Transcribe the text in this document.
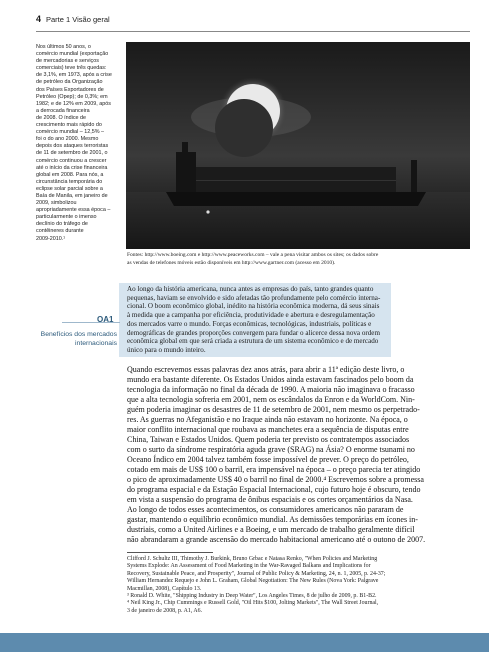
4 Parte 1 Visão geral
Nos últimos 50 anos, o
comércio mundial (exportação
de mercadorias e serviços
comerciais) teve três quedas:
de 3,1%, em 1973, após a crise
de petróleo da Organização
dos Países Exportadores de
Petróleo (Opep); de 0,3%; em
1982; e de 12% em 2009, após
a derrocada financeira
de 2008. O índice de
crescimento mais rápido do
comércio mundial – 12,5% –
foi o do ano 2000. Mesmo
depois dos ataques terroristas
de 11 de setembro de 2001, o
comércio continuou a crescer
até o início da crise financeira
global em 2008. Para nós, a
circunstância temporária do
eclipse solar parcial sobre a
Baía de Manila, em janeiro de
2009, simbolizou
apropriadamente essa época –
particularmente o imenso
declínio do tráfego de
contêineres durante
2009-2010.¹
Fontes: http://www.boeing.com e http://www.peaceworks.com – vale a pena visitar ambos os sites; os dados sobre
as vendas de telefones móveis estão disponíveis em http://www.gartner.com (acesso em 2010).
Ao longo da história americana, nunca antes as empresas do país, tanto grandes quanto
pequenas, haviam se envolvido e sido afetadas tão profundamente pelo comércio interna-
cional. O boom econômico global, inédito na história econômica moderna, dá seus sinais
à medida que a campanha por eficiência, produtividade e abertura e desregulamentação
dos mercados varre o mundo. Forças econômicas, tecnológicas, industriais, políticas e
demográficas de grandes proporções convergem para fundar o alicerce dessa nova ordem
econômica global em que será criada a estrutura de um sistema econômico e de mercado
único para o mundo inteiro.
OA1
Benefícios dos mercados
internacionais
Quando escrevemos essas palavras dez anos atrás, para abrir a 11ª edição deste livro, o
mundo era bastante diferente. Os Estados Unidos ainda estavam fascinados pelo boom da
tecnologia da informação no final da década de 1990. A maioria não imaginava o fracasso
que a alta tecnologia sofreria em 2001, nem os escândalos da Enron e da WorldCom. Nin-
guém poderia imaginar os desastres de 11 de setembro de 2001, nem mesmo os perpetrado-
res. As guerras no Afeganistão e no Iraque ainda não estavam no horizonte. Na época, o
maior conflito internacional que roubava as manchetes era a sequência de disputas entre
China, Taiwan e Estados Unidos. Quem poderia ter previsto os contratempos associados
com o surto da síndrome respiratória aguda grave (SRAG) na Ásia? O enorme tsunami no
Oceano Índico em 2004 talvez também fosse impossível de prever. O preço do petróleo,
cotado em mais de US$ 100 o barril, era impensável na época – o preço parecia ter atingido
o pico de aproximadamente US$ 40 o barril no final de 2000.⁴ Escrevemos sobre a promessa
do programa espacial e da Estação Espacial Internacional, cujo futuro hoje é obscuro, tendo
em vista a suspensão do programa de ônibus espaciais e os cortes orçamentários da Nasa.
Ao longo de todos esses acontecimentos, os consumidores americanos não pararam de
gastar, mantendo o equilíbrio econômico mundial. As demissões temporárias em ícones in-
dustriais, como a United Airlines e a Boeing, e um mercado de trabalho geralmente difícil
não abrandaram a grande ascensão do mercado habitacional americano até o outono de 2007.
Clifford J. Schultz III, Thimothy J. Burkink, Bruno Grbac e Natasa Renko, "When Policies and Marketing
Systems Explode: An Assessment of Food Marketing in the War-Ravaged Balkans and Implications for
Recovery, Sustainable Peace, and Prosperity", Journal of Public Policy & Marketing, 24, n. 1, 2005, p. 24-37;
William Hernandez Requejo e John L. Graham, Global Negotiation: The New Rules (Nova York: Palgrave
Macmillan, 2008), Capítulo 13.
³ Ronald D. White, "Shipping Industry in Deep Water", Los Angeles Times, 8 de julho de 2009, p. B1-B2.
⁴ Neil King Jr., Chip Cummings e Russell Gold, "Oil Hits $100, Jolting Markets", The Wall Street Journal,
3 de janeiro de 2008, p. A1, A6.
